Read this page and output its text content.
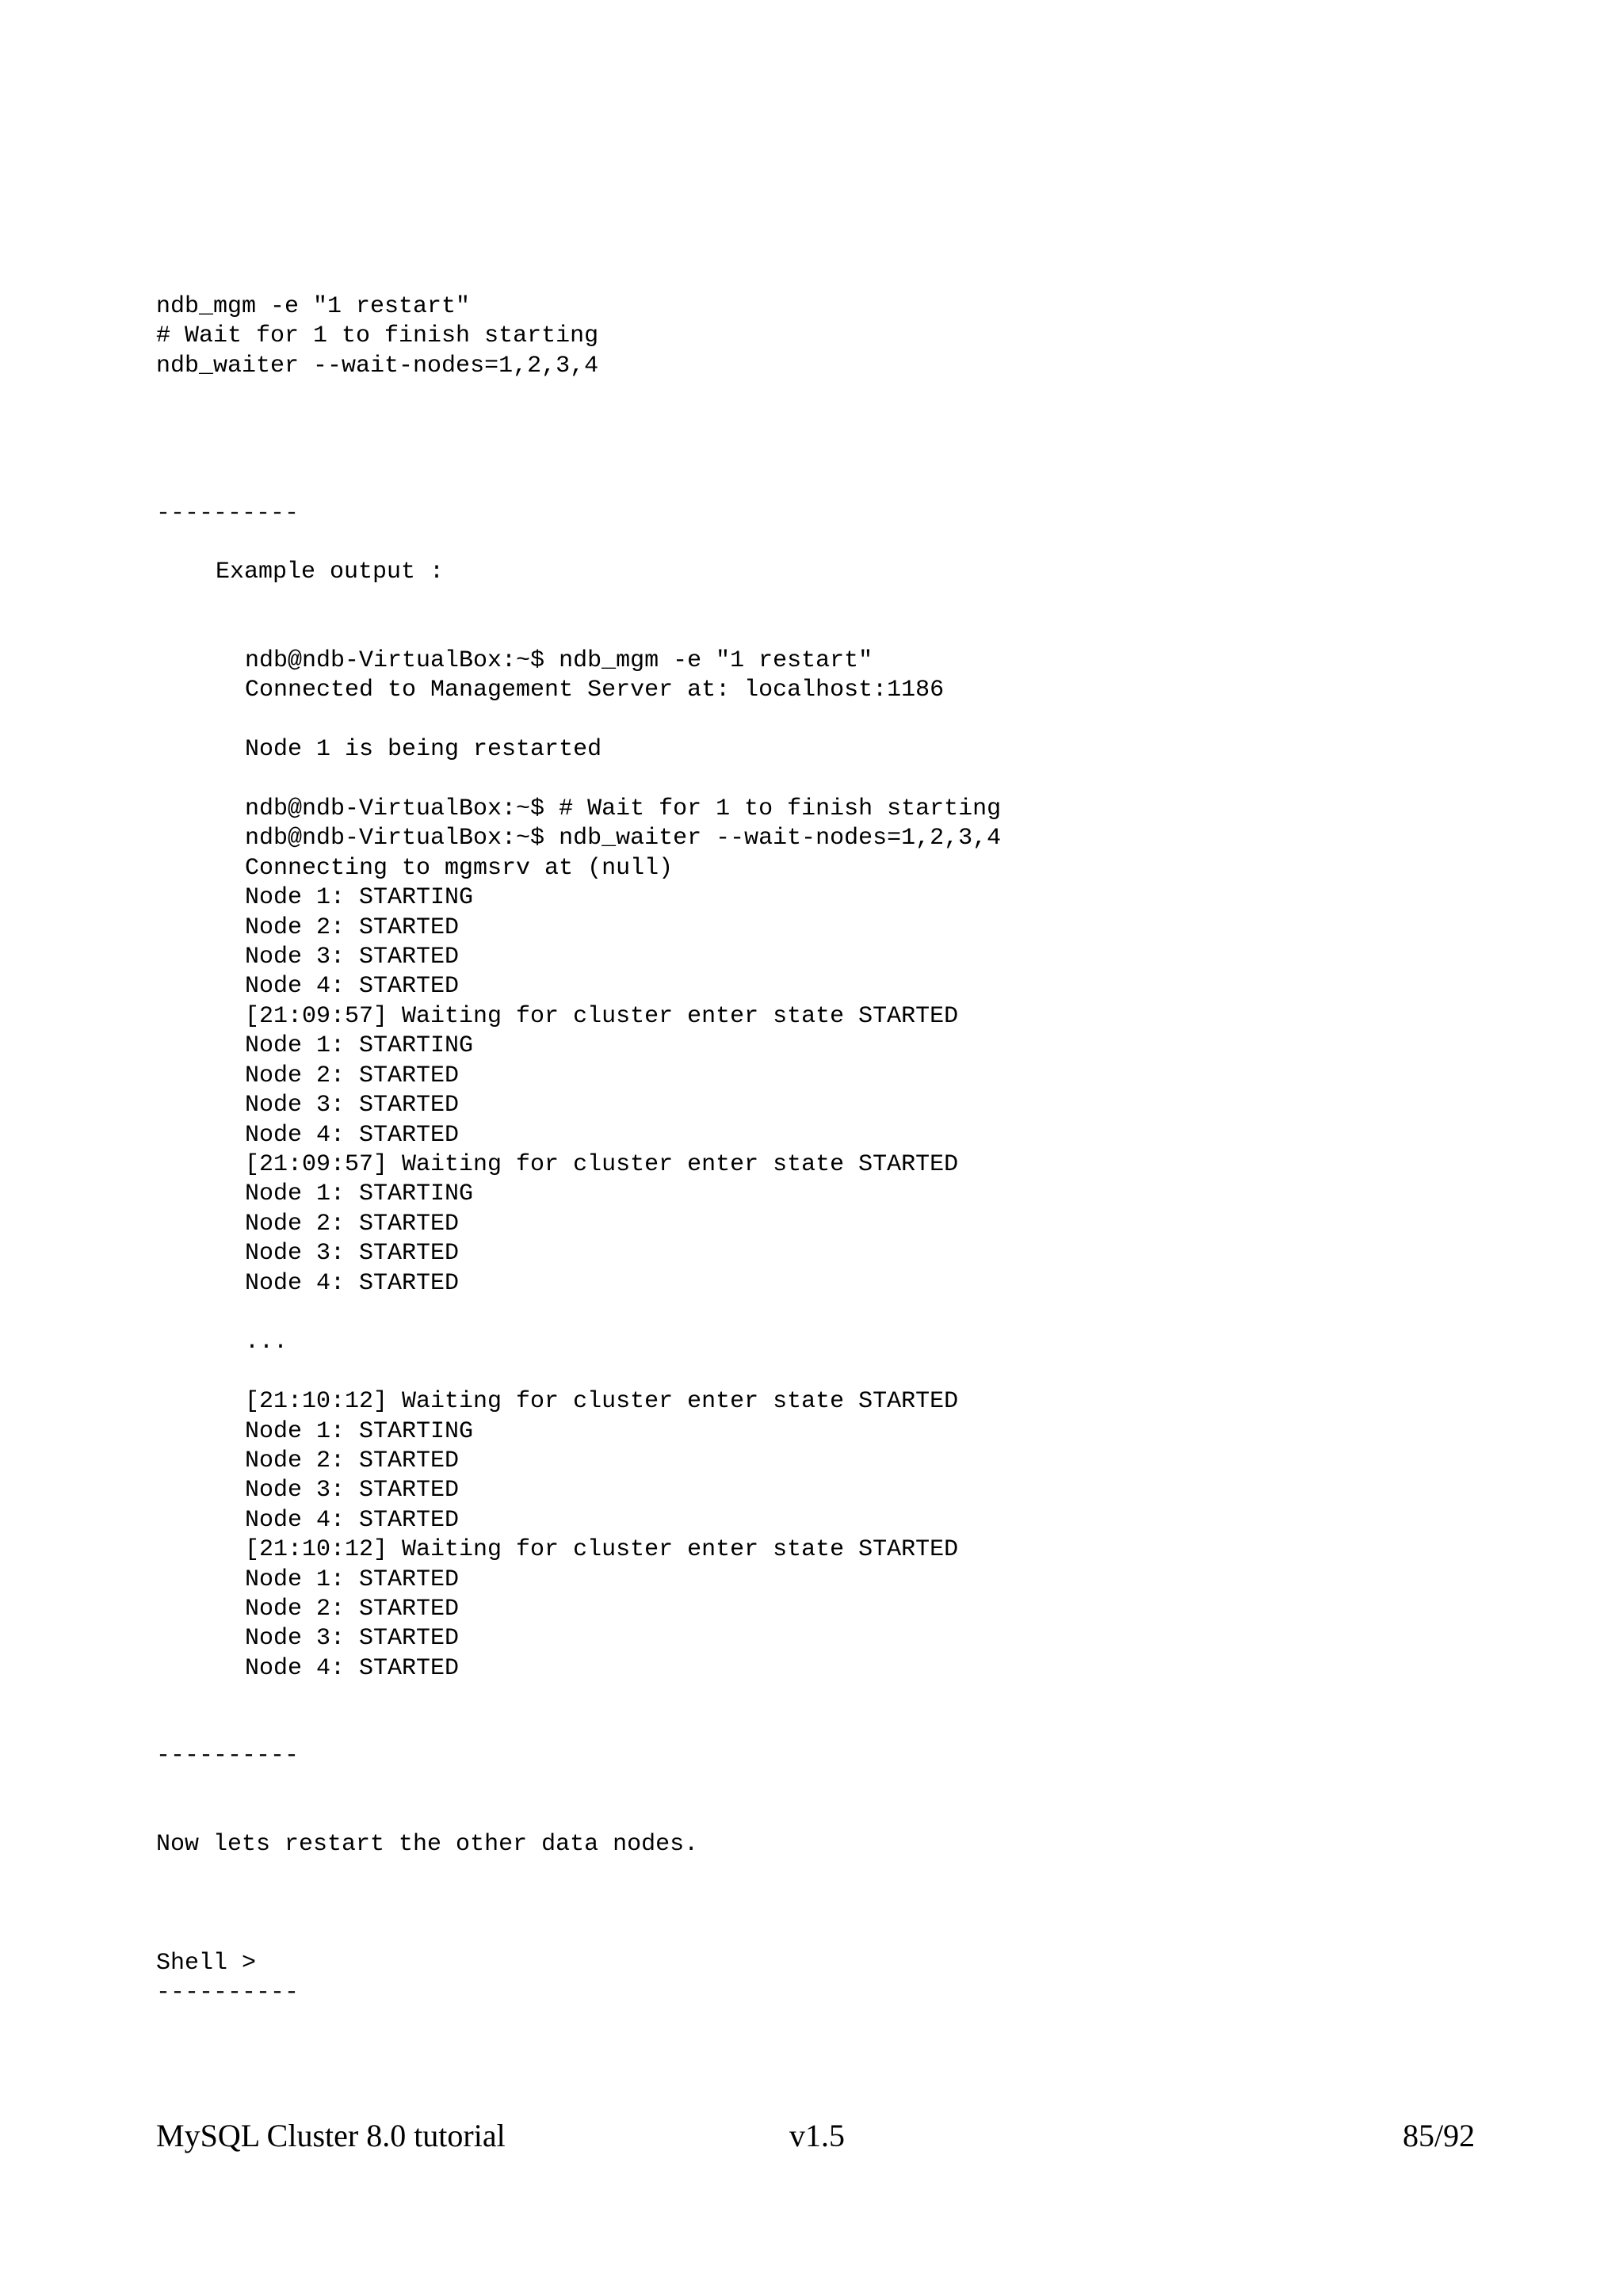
ndb_mgm -e "1 restart"
# Wait for 1 to finish starting
ndb_waiter --wait-nodes=1,2,3,4
----------
Example output :
ndb@ndb-VirtualBox:~$ ndb_mgm -e "1 restart"
Connected to Management Server at: localhost:1186

Node 1 is being restarted

ndb@ndb-VirtualBox:~$ # Wait for 1 to finish starting
ndb@ndb-VirtualBox:~$ ndb_waiter --wait-nodes=1,2,3,4
Connecting to mgmsrv at (null)
Node 1: STARTING
Node 2: STARTED
Node 3: STARTED
Node 4: STARTED
[21:09:57] Waiting for cluster enter state STARTED
Node 1: STARTING
Node 2: STARTED
Node 3: STARTED
Node 4: STARTED
[21:09:57] Waiting for cluster enter state STARTED
Node 1: STARTING
Node 2: STARTED
Node 3: STARTED
Node 4: STARTED

...

[21:10:12] Waiting for cluster enter state STARTED
Node 1: STARTING
Node 2: STARTED
Node 3: STARTED
Node 4: STARTED
[21:10:12] Waiting for cluster enter state STARTED
Node 1: STARTED
Node 2: STARTED
Node 3: STARTED
Node 4: STARTED
----------
Now lets restart the other data nodes.
Shell >
----------
MySQL Cluster 8.0 tutorial	v1.5	85/92
